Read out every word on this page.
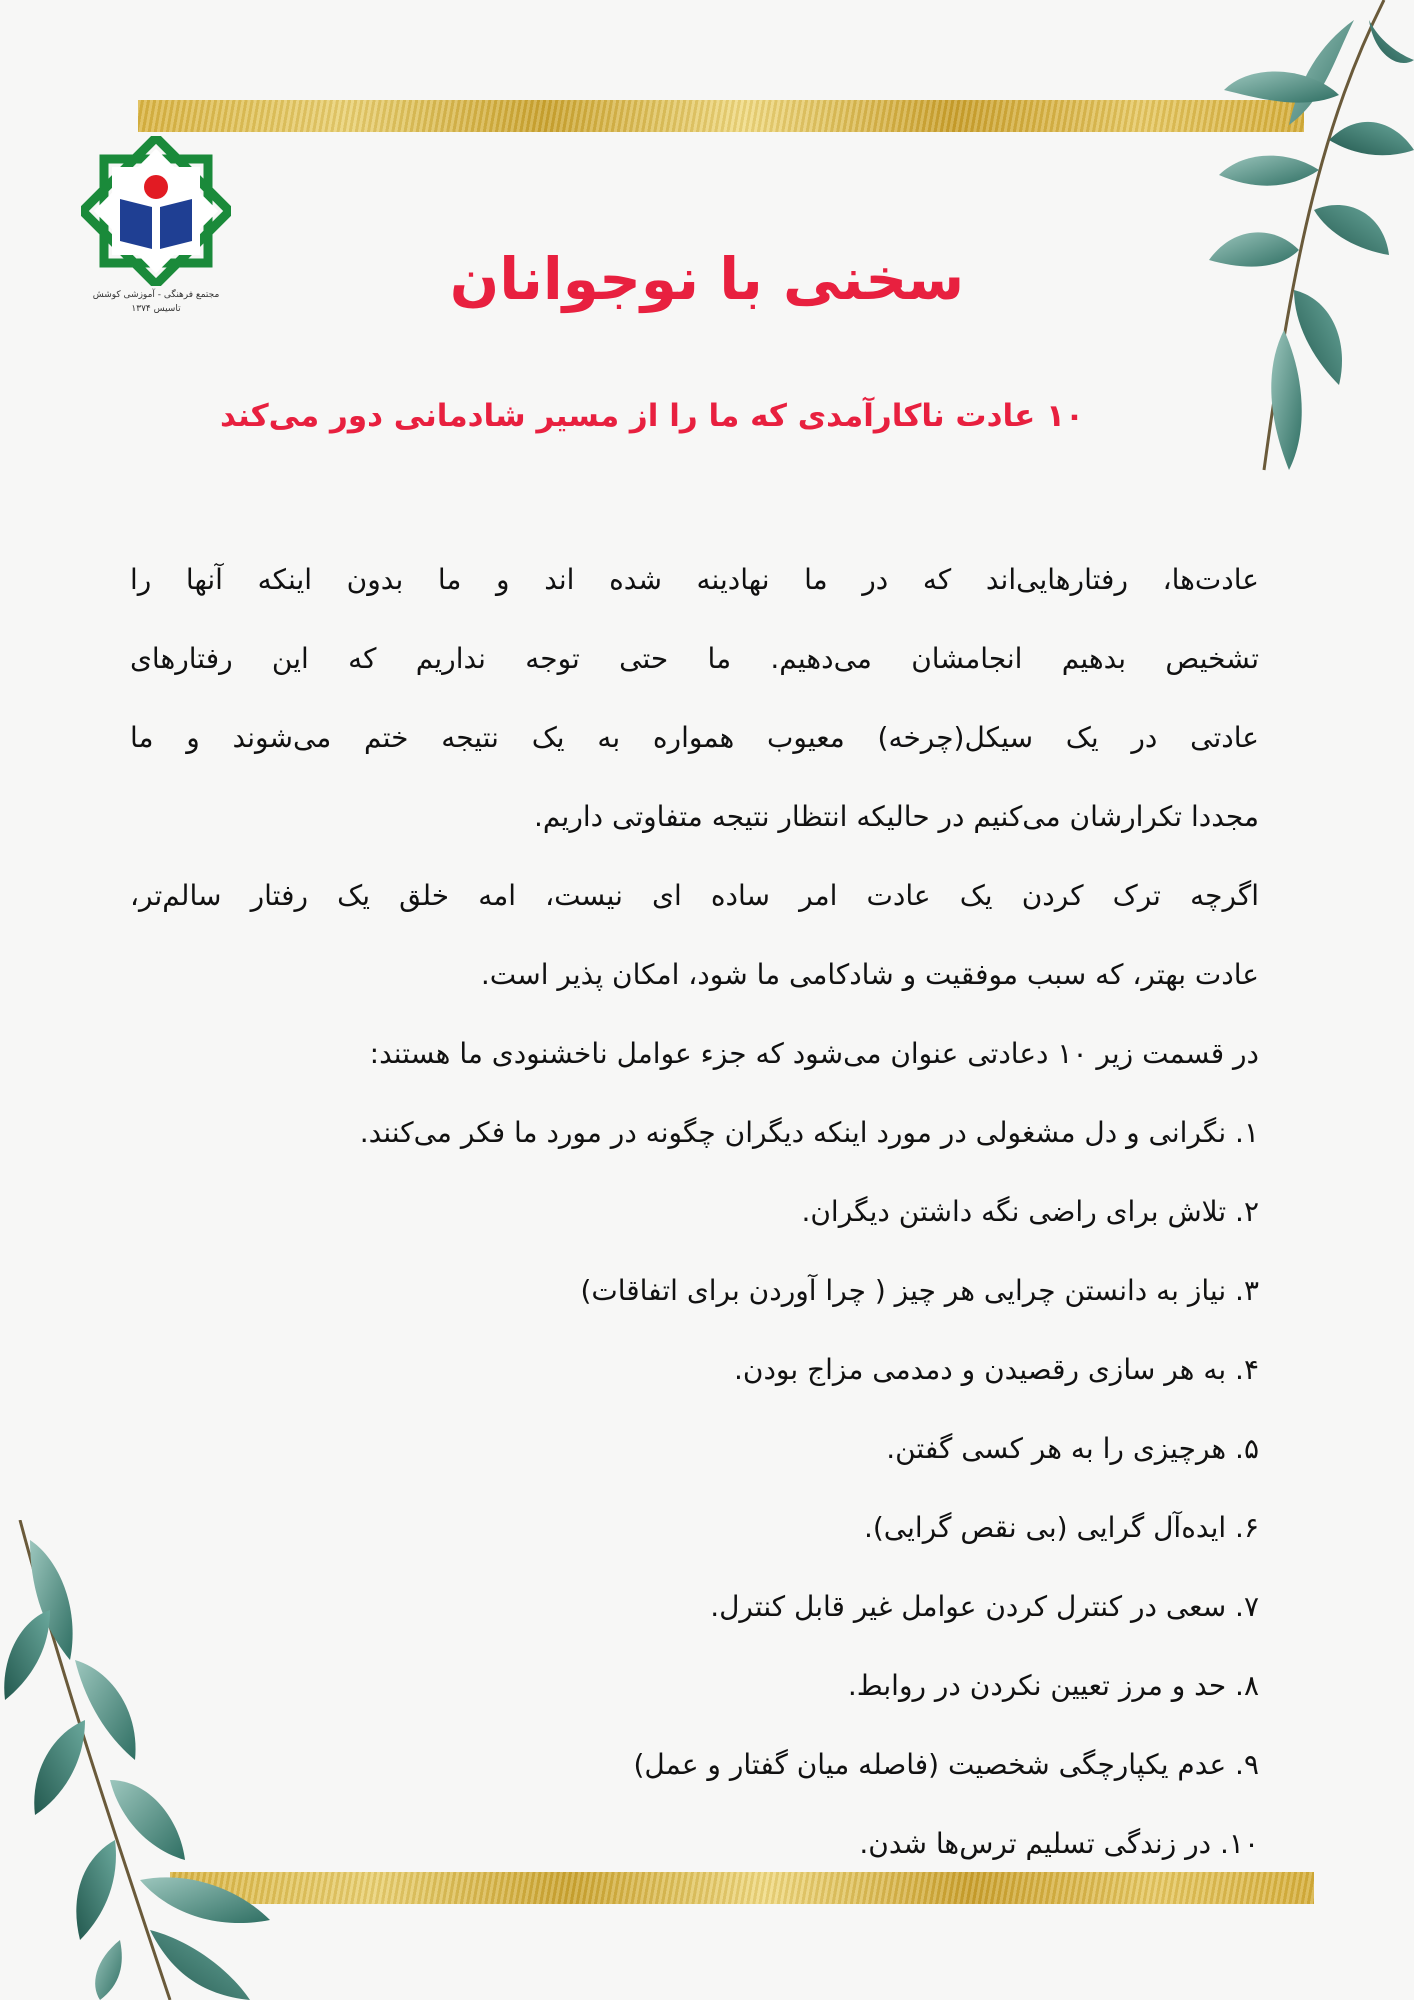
مجتمع فرهنگی - آموزشی کوشش
تاسیس ۱۳۷۴	سخنی با نوجوانان
۱۰ عادت ناکارآمدی که ما را از مسیر شادمانی دور می‌کند
عادت‌ها، رفتارهایی‌اند که در ما نهادینه شده اند و ما بدون اینکه آنها را
تشخیص بدهیم انجامشان می‌دهیم. ما حتی توجه نداریم که این رفتارهای
عادتی در یک سیکل(چرخه) معیوب همواره به یک نتیجه ختم می‌شوند و ما
مجددا تکرارشان می‌کنیم در حالیکه انتظار نتیجه متفاوتی داریم.
اگرچه ترک کردن یک عادت امر ساده ای نیست، امه خلق یک رفتار سالم‌تر،
عادت بهتر، که سبب موفقیت و شادکامی ما شود، امکان پذیر است.
در قسمت زیر ۱۰ دعادتی عنوان می‌شود که جزء عوامل ناخشنودی ما هستند:
۱. نگرانی و دل مشغولی در مورد اینکه دیگران چگونه در مورد ما فکر می‌کنند.
۲. تلاش برای راضی نگه داشتن دیگران.
۳. نیاز به دانستن چرایی هر چیز ( چرا آوردن برای اتفاقات)
۴. به هر سازی رقصیدن و دمدمی مزاج بودن.
۵. هرچیزی را به هر کسی گفتن.
۶. ایده‌آل گرایی (بی نقص گرایی).
۷. سعی در کنترل کردن عوامل غیر قابل کنترل.
۸. حد و مرز تعیین نکردن در روابط.
۹. عدم یکپارچگی شخصیت (فاصله میان گفتار و عمل)
۱۰. در زندگی تسلیم ترس‌ها شدن.
